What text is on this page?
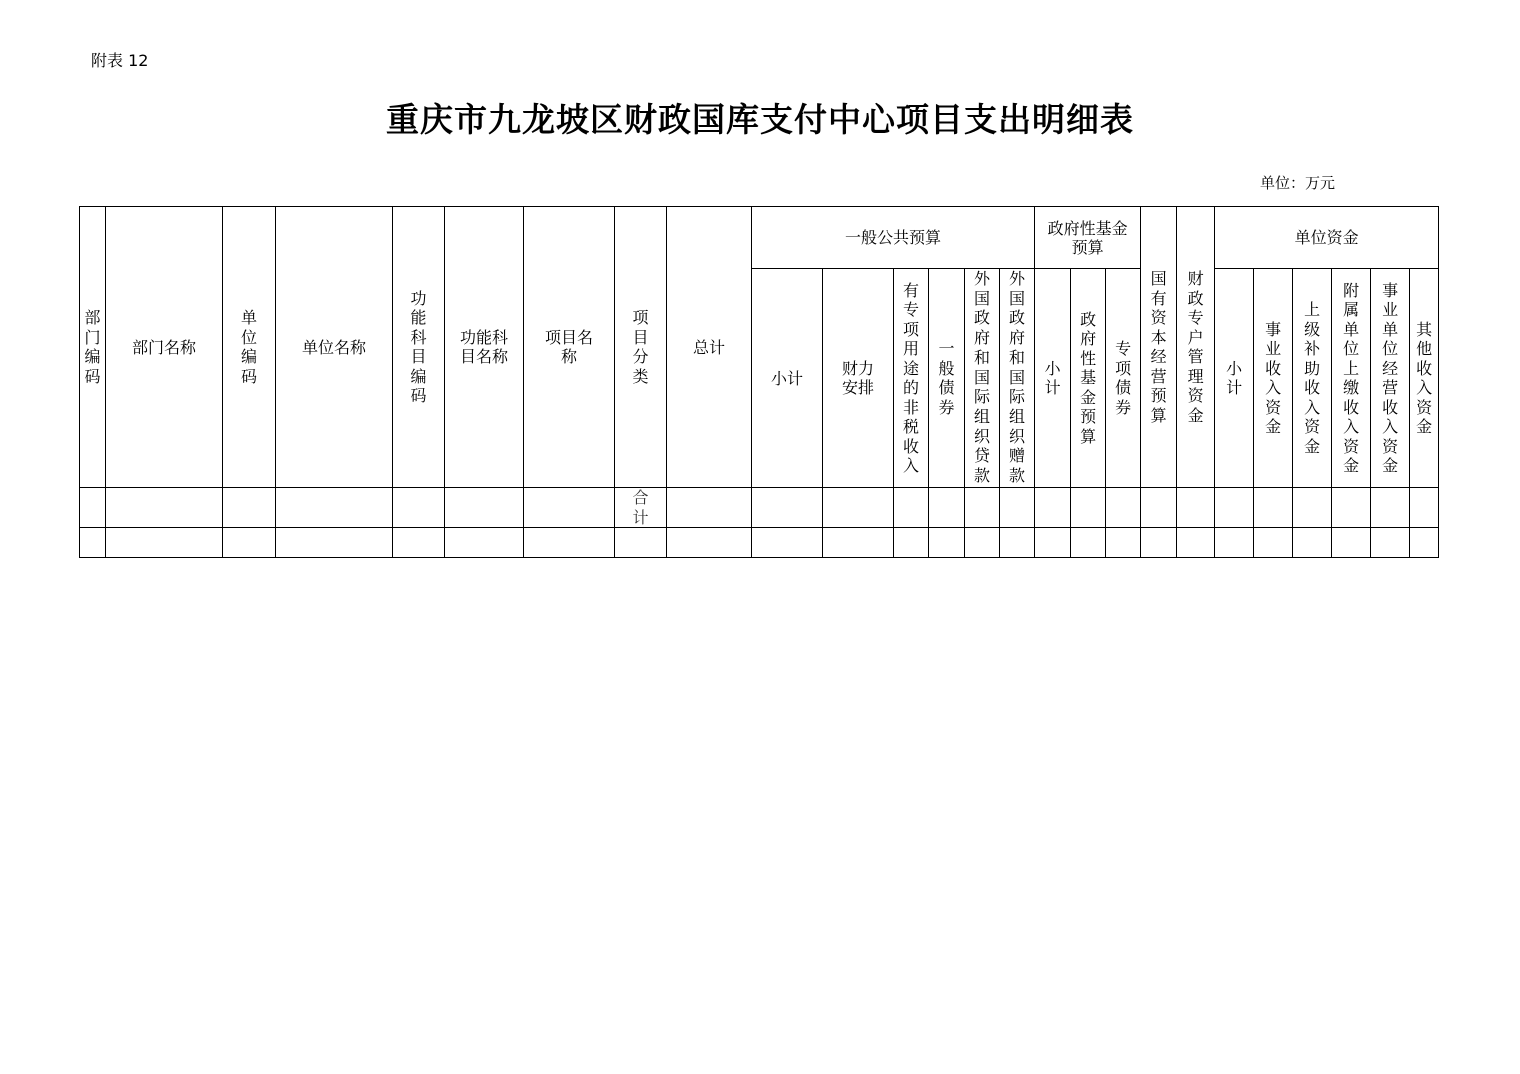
附表 12
重庆市九龙坡区财政国库支付中心项目支出明细表
单位：万元
部门编码	部门名称	单位编码	单位名称	功能科目编码	功能科目名称	项目名称	项目分类	总计	一般公共预算						政府性基金预算			国有资本经营预算	财政专户管理资金	单位资金					
									小计	财力安排	有专项用途的非税收入	一般债券	外国政府和国际组织贷款	外国政府和国际组织赠款	小计	政府性基金预算	专项债券			小计	事业收入资金	上级补助收入资金	附属单位上缴收入资金	事业单位经营收入资金	其他收入资金
							合计																		
